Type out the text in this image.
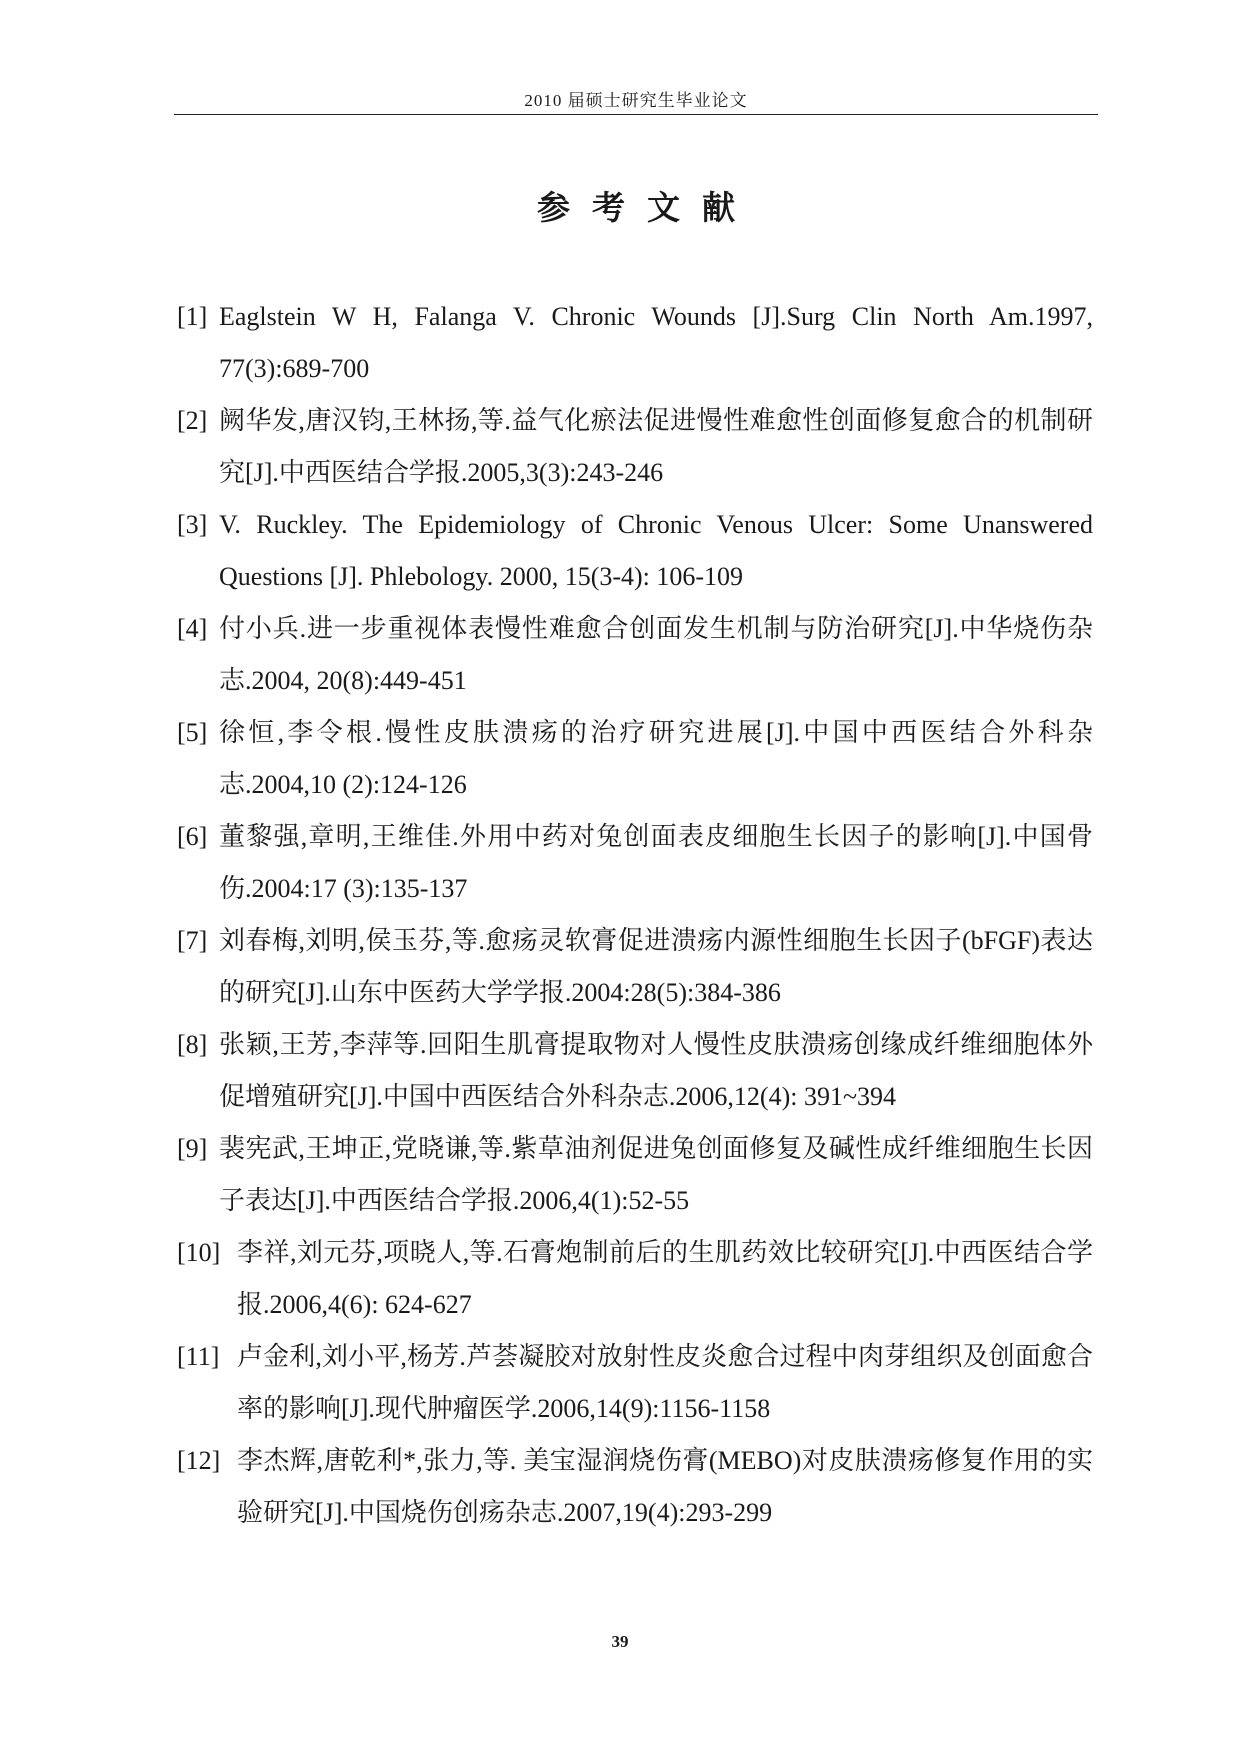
2010 届硕士研究生毕业论文
参考文献
[1] Eaglstein W H, Falanga V. Chronic Wounds [J].Surg Clin North Am.1997, 77(3):689-700
[2] 阙华发,唐汉钧,王林扬,等.益气化瘀法促进慢性难愈性创面修复愈合的机制研究[J].中西医结合学报.2005,3(3):243-246
[3] V. Ruckley. The Epidemiology of Chronic Venous Ulcer: Some Unanswered Questions [J]. Phlebology. 2000, 15(3-4): 106-109
[4] 付小兵.进一步重视体表慢性难愈合创面发生机制与防治研究[J].中华烧伤杂志.2004, 20(8):449-451
[5] 徐恒,李令根.慢性皮肤溃疡的治疗研究进展[J].中国中西医结合外科杂志.2004,10 (2):124-126
[6] 董黎强,章明,王维佳.外用中药对兔创面表皮细胞生长因子的影响[J].中国骨伤.2004:17 (3):135-137
[7] 刘春梅,刘明,侯玉芬,等.愈疡灵软膏促进溃疡内源性细胞生长因子(bFGF)表达的研究[J].山东中医药大学学报.2004:28(5):384-386
[8] 张颖,王芳,李萍等.回阳生肌膏提取物对人慢性皮肤溃疡创缘成纤维细胞体外促增殖研究[J].中国中西医结合外科杂志.2006,12(4): 391~394
[9] 裴宪武,王坤正,党晓谦,等.紫草油剂促进兔创面修复及碱性成纤维细胞生长因子表达[J].中西医结合学报.2006,4(1):52-55
[10] 李祥,刘元芬,项晓人,等.石膏炮制前后的生肌药效比较研究[J].中西医结合学报.2006,4(6): 624-627
[11] 卢金利,刘小平,杨芳.芦荟凝胶对放射性皮炎愈合过程中肉芽组织及创面愈合率的影响[J].现代肿瘤医学.2006,14(9):1156-1158
[12] 李杰辉,唐乾利*,张力,等. 美宝湿润烧伤膏(MEBO)对皮肤溃疡修复作用的实验研究[J].中国烧伤创疡杂志.2007,19(4):293-299
39
